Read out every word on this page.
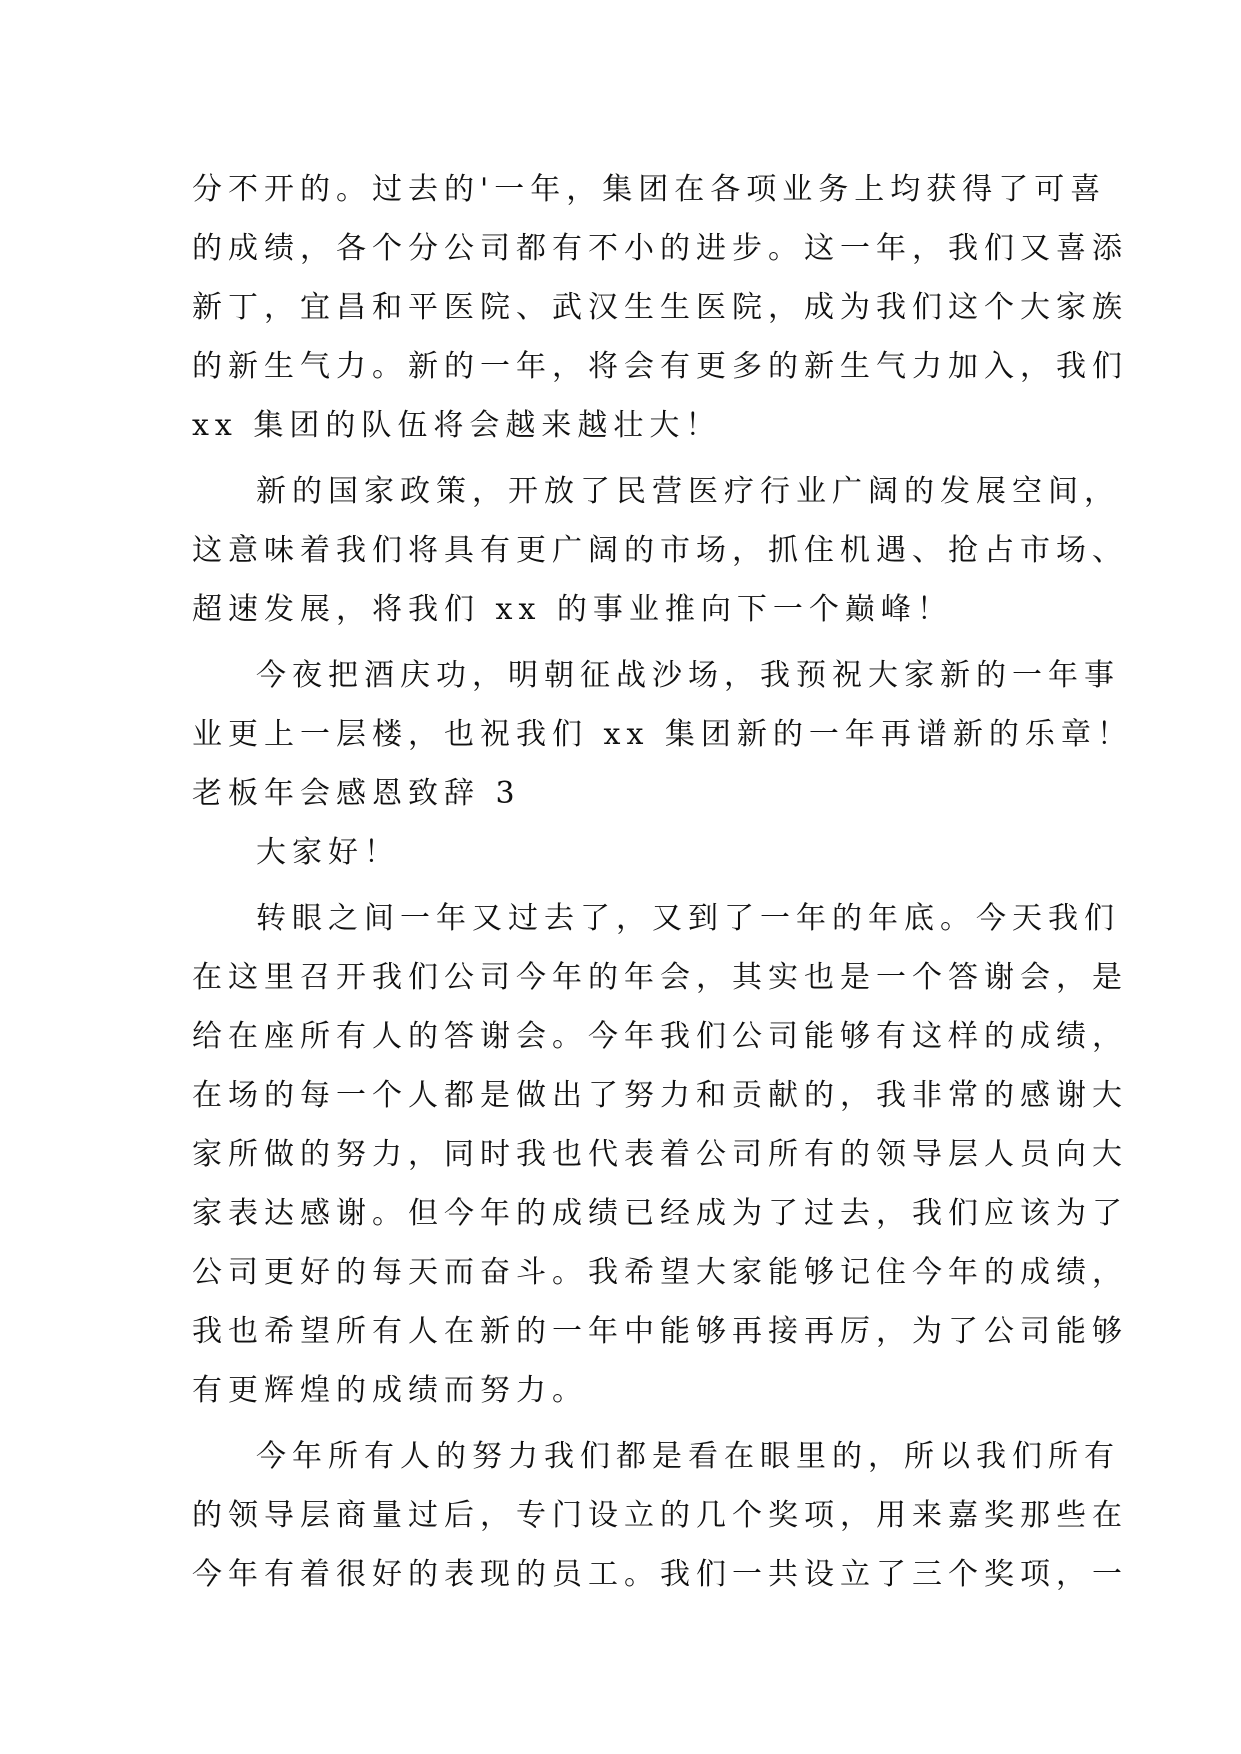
分不开的。过去的'一年，集团在各项业务上均获得了可喜
的成绩，各个分公司都有不小的进步。这一年，我们又喜添
新丁，宜昌和平医院、武汉生生医院，成为我们这个大家族
的新生气力。新的一年，将会有更多的新生气力加入，我们
xx 集团的队伍将会越来越壮大！
新的国家政策，开放了民营医疗行业广阔的发展空间，
这意味着我们将具有更广阔的市场，抓住机遇、抢占市场、
超速发展，将我们 xx 的事业推向下一个巅峰！
今夜把酒庆功，明朝征战沙场，我预祝大家新的一年事
业更上一层楼，也祝我们 xx 集团新的一年再谱新的乐章！
老板年会感恩致辞 3
大家好！
转眼之间一年又过去了，又到了一年的年底。今天我们
在这里召开我们公司今年的年会，其实也是一个答谢会，是
给在座所有人的答谢会。今年我们公司能够有这样的成绩，
在场的每一个人都是做出了努力和贡献的，我非常的感谢大
家所做的努力，同时我也代表着公司所有的领导层人员向大
家表达感谢。但今年的成绩已经成为了过去，我们应该为了
公司更好的每天而奋斗。我希望大家能够记住今年的成绩，
我也希望所有人在新的一年中能够再接再厉，为了公司能够
有更辉煌的成绩而努力。
今年所有人的努力我们都是看在眼里的，所以我们所有
的领导层商量过后，专门设立的几个奖项，用来嘉奖那些在
今年有着很好的表现的员工。我们一共设立了三个奖项，一
